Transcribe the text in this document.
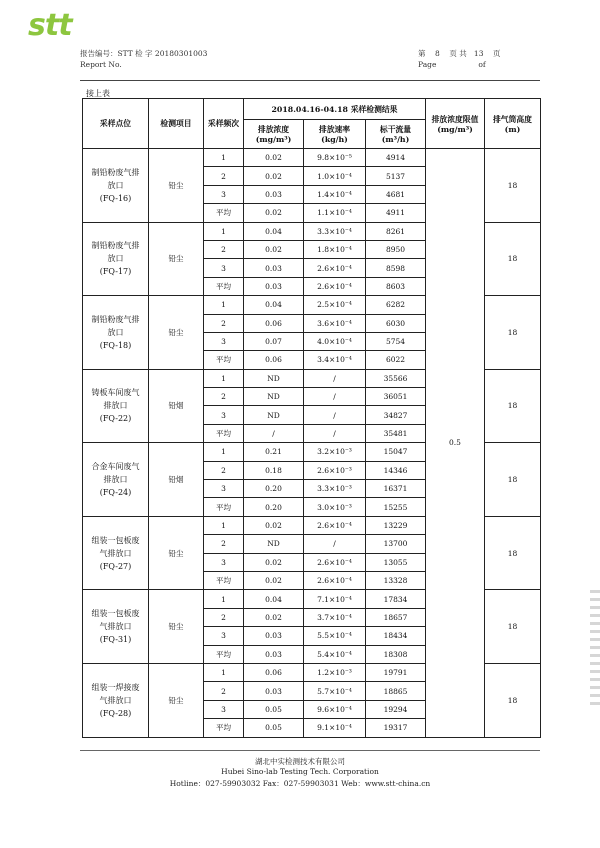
stt
报告编号：STT 检 字 20180301003
Report No.
第 8 页 共 13 页
Page	of
接上表
采样点位	检测项目	采样频次	2018.04.16-04.18 采样检测结果			排放浓度限值
(mg/m³)	排气筒高度
(m)
			排放浓度
(mg/m³)	排放速率
(kg/h)	标干流量
(m³/h)		
制铅粉废气排放口
(FQ-16)	铅尘	1	0.02	9.8×10⁻⁵	4914	0.5	18
		2	0.02	1.0×10⁻⁴	5137		
		3	0.03	1.4×10⁻⁴	4681		
		平均	0.02	1.1×10⁻⁴	4911		
制铅粉废气排放口
(FQ-17)	铅尘	1	0.04	3.3×10⁻⁴	8261		18
		2	0.02	1.8×10⁻⁴	8950		
		3	0.03	2.6×10⁻⁴	8598		
		平均	0.03	2.6×10⁻⁴	8603		
制铅粉废气排放口
(FQ-18)	铅尘	1	0.04	2.5×10⁻⁴	6282		18
		2	0.06	3.6×10⁻⁴	6030		
		3	0.07	4.0×10⁻⁴	5754		
		平均	0.06	3.4×10⁻⁴	6022		
铸板车间废气排放口
(FQ-22)	铅烟	1	ND	/	35566		18
		2	ND	/	36051		
		3	ND	/	34827		
		平均	/	/	35481		
合金车间废气排放口
(FQ-24)	铅烟	1	0.21	3.2×10⁻³	15047		18
		2	0.18	2.6×10⁻³	14346		
		3	0.20	3.3×10⁻³	16371		
		平均	0.20	3.0×10⁻³	15255		
组装一包板废气排放口
(FQ-27)	铅尘	1	0.02	2.6×10⁻⁴	13229		18
		2	ND	/	13700		
		3	0.02	2.6×10⁻⁴	13055		
		平均	0.02	2.6×10⁻⁴	13328		
组装一包板废气排放口
(FQ-31)	铅尘	1	0.04	7.1×10⁻⁴	17834		18
		2	0.02	3.7×10⁻⁴	18657		
		3	0.03	5.5×10⁻⁴	18434		
		平均	0.03	5.4×10⁻⁴	18308		
组装一焊接废气排放口
(FQ-28)	铅尘	1	0.06	1.2×10⁻³	19791		18
		2	0.03	5.7×10⁻⁴	18865		
		3	0.05	9.6×10⁻⁴	19294		
		平均	0.05	9.1×10⁻⁴	19317		
湖北中实检测技术有限公司
Hubei Sino-lab Testing Tech. Corporation
Hotline：027-59903032 Fax：027-59903031 Web：www.stt-china.cn
